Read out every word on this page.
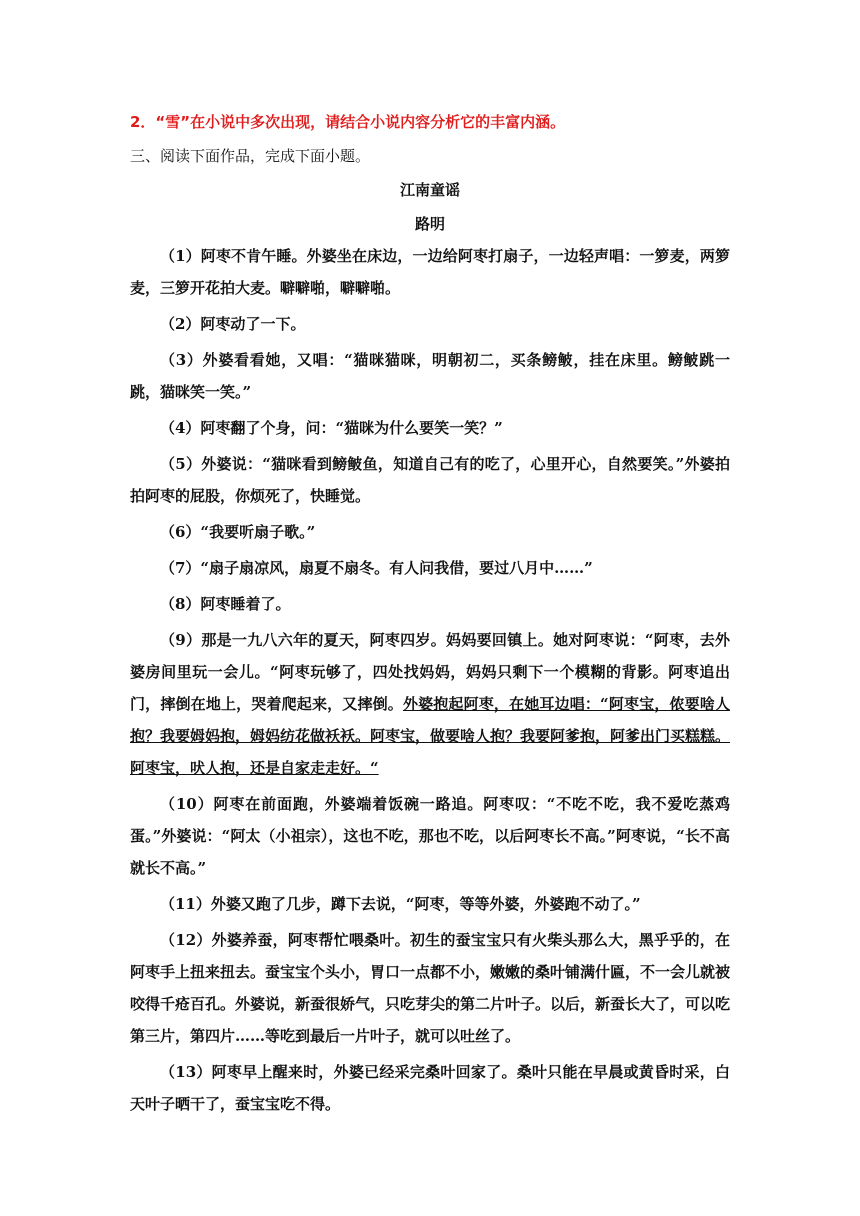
2．“雪”在小说中多次出现，请结合小说内容分析它的丰富内涵。
三、阅读下面作品，完成下面小题。
江南童谣
路明

（1）阿枣不肯午睡。外婆坐在床边，一边给阿枣打扇子，一边轻声唱：一箩麦，两箩麦，三箩开花拍大麦。噼噼啪，噼噼啪。

（2）阿枣动了一下。

（3）外婆看看她，又唱：“猫咪猫咪，明朝初二，买条鳑鲏，挂在床里。鳑鲏跳一跳，猫咪笑一笑。”

（4）阿枣翻了个身，问：“猫咪为什么要笑一笑？”

（5）外婆说：“猫咪看到鳑鲏鱼，知道自己有的吃了，心里开心，自然要笑。”外婆拍拍阿枣的屁股，你烦死了，快睡觉。

（6）“我要听扇子歌。”

（7）“扇子扇凉风，扇夏不扇冬。有人问我借，要过八月中……”

（8）阿枣睡着了。

（9）那是一九八六年的夏天，阿枣四岁。妈妈要回镇上。她对阿枣说：“阿枣，去外婆房间里玩一会儿。“阿枣玩够了，四处找妈妈，妈妈只剩下一个模糊的背影。阿枣追出门，摔倒在地上，哭着爬起来，又摔倒。外婆抱起阿枣，在她耳边唱：“阿枣宝，侬要啥人抱？我要姆妈抱，姆妈纺花做袄袄。阿枣宝，做要啥人抱？我要阿爹抱，阿爹出门买糕糕。阿枣宝，吠人抱，还是自家走走好。“

（10）阿枣在前面跑，外婆端着饭碗一路追。阿枣叹：“不吃不吃，我不爱吃蒸鸡蛋。”外婆说：“阿太（小祖宗），这也不吃，那也不吃，以后阿枣长不高。”阿枣说，“长不高就长不高。”

（11）外婆又跑了几步，蹲下去说，“阿枣，等等外婆，外婆跑不动了。”

（12）外婆养蚕，阿枣帮忙喂桑叶。初生的蚕宝宝只有火柴头那么大，黑乎乎的，在阿枣手上扭来扭去。蚕宝宝个头小，胃口一点都不小，嫩嫩的桑叶铺满什匾，不一会儿就被咬得千疮百孔。外婆说，新蚕很娇气，只吃芽尖的第二片叶子。以后，新蚕长大了，可以吃第三片，第四片……等吃到最后一片叶子，就可以吐丝了。

（13）阿枣早上醒来时，外婆已经采完桑叶回家了。桑叶只能在早晨或黄昏时采，白天叶子晒干了，蚕宝宝吃不得。
